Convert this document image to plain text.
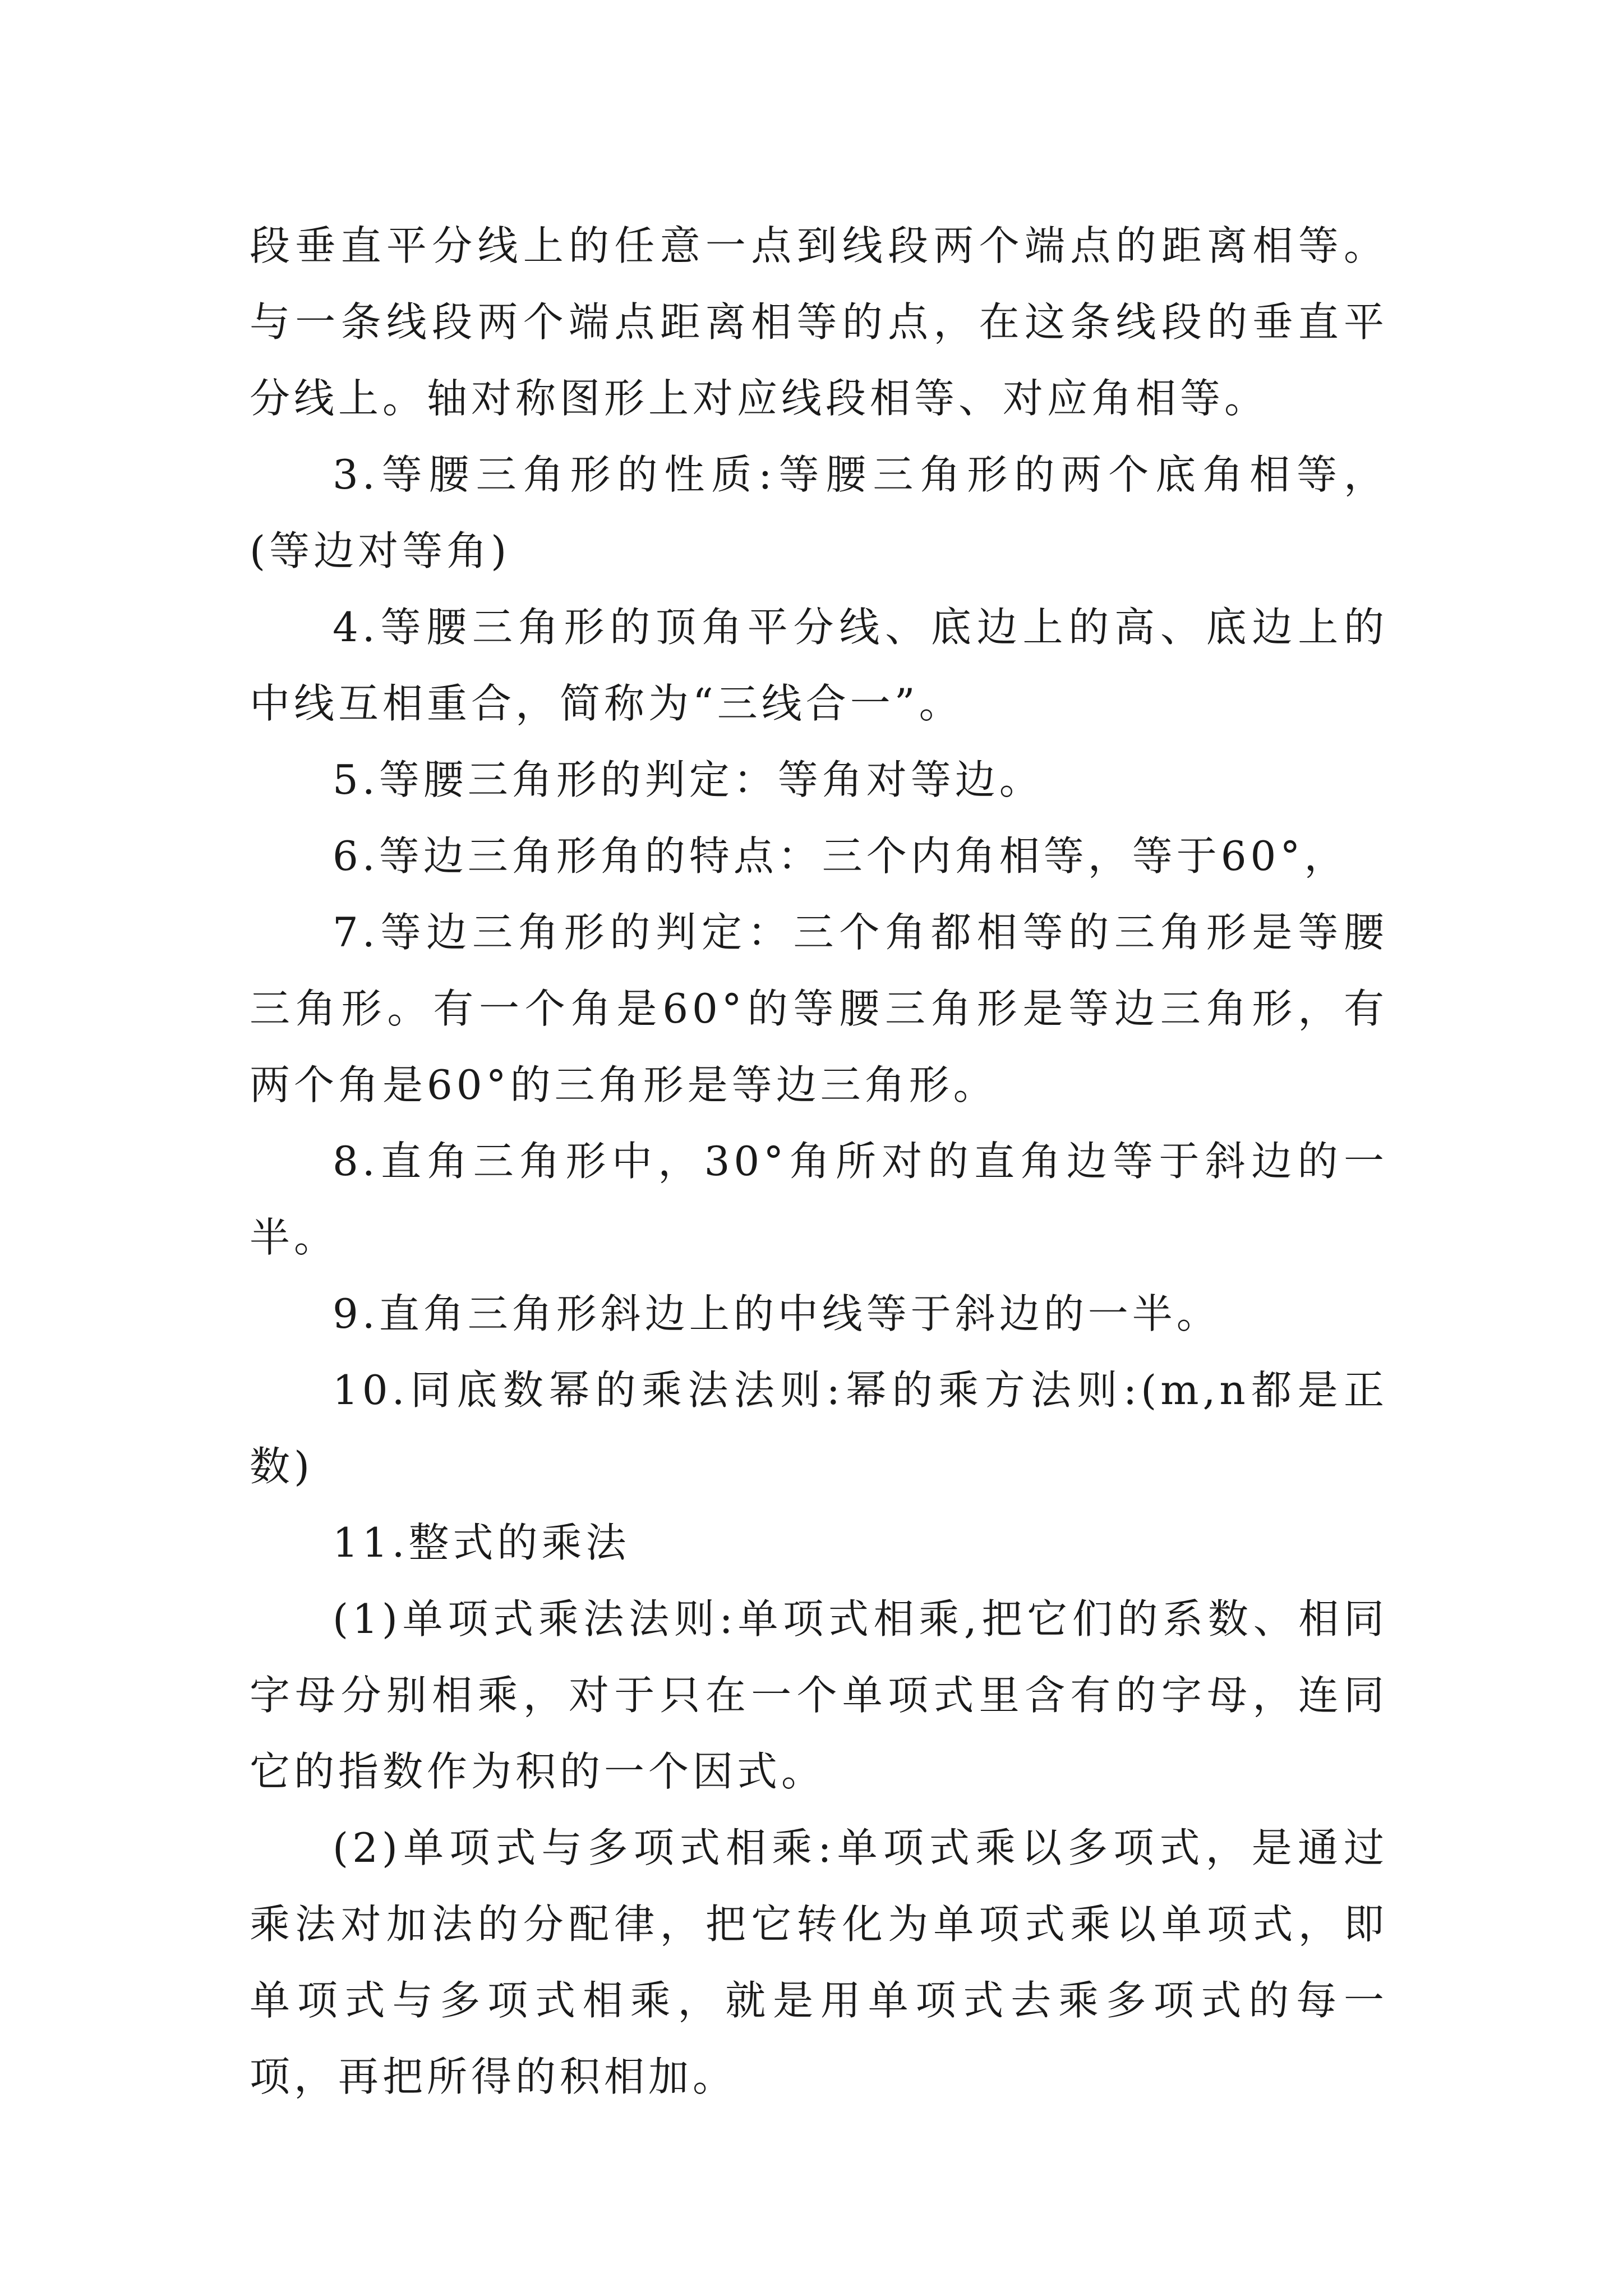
段垂直平分线上的任意一点到线段两个端点的距离相等。与一条线段两个端点距离相等的点，在这条线段的垂直平分线上。轴对称图形上对应线段相等、对应角相等。

3.等腰三角形的性质:等腰三角形的两个底角相等，(等边对等角)

4.等腰三角形的顶角平分线、底边上的高、底边上的中线互相重合，简称为“三线合一”。

5.等腰三角形的判定：等角对等边。

6.等边三角形角的特点：三个内角相等，等于60°，

7.等边三角形的判定：三个角都相等的三角形是等腰三角形。有一个角是60°的等腰三角形是等边三角形，有两个角是60°的三角形是等边三角形。

8.直角三角形中，30°角所对的直角边等于斜边的一半。

9.直角三角形斜边上的中线等于斜边的一半。

10.同底数幂的乘法法则:幂的乘方法则:(m,n都是正数)

11.整式的乘法

(1)单项式乘法法则:单项式相乘,把它们的系数、相同字母分别相乘，对于只在一个单项式里含有的字母，连同它的指数作为积的一个因式。

(2)单项式与多项式相乘:单项式乘以多项式，是通过乘法对加法的分配律，把它转化为单项式乘以单项式，即单项式与多项式相乘，就是用单项式去乘多项式的每一项，再把所得的积相加。
